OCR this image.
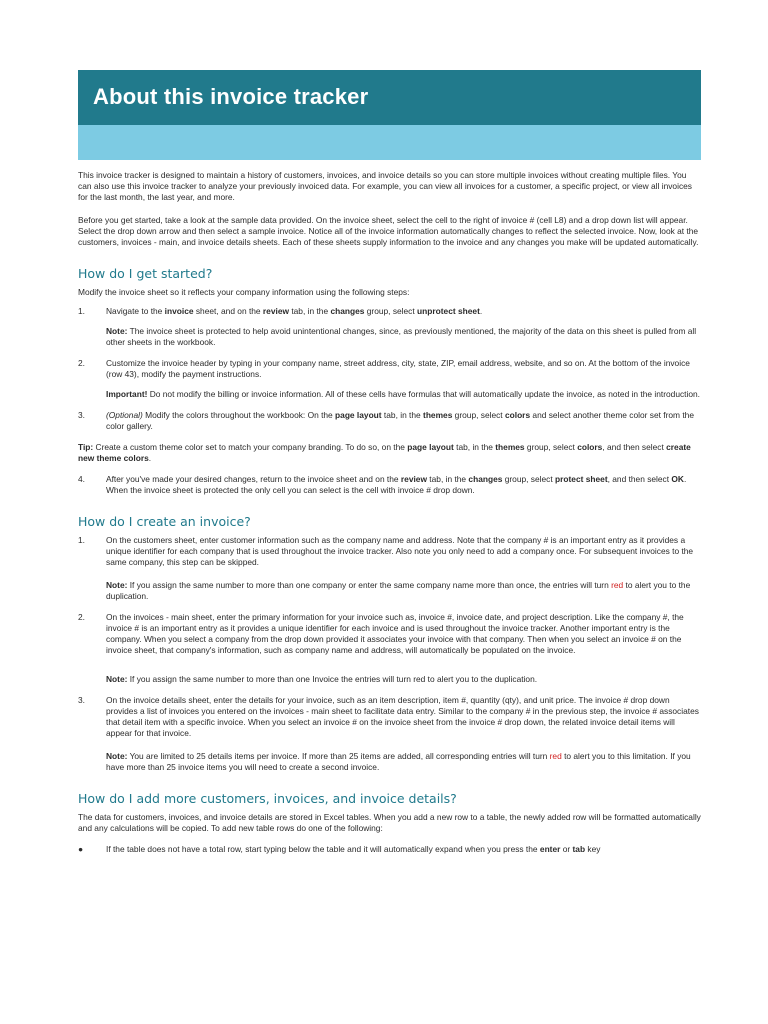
About this invoice tracker

This invoice tracker is designed to maintain a history of customers, invoices, and invoice details so you can store multiple invoices without creating multiple files. You can also use this invoice tracker to analyze your previously invoiced data. For example, you can view all invoices for a customer, a specific project, or view all invoices for the last month, the last year, and more.

Before you get started, take a look at the sample data provided. On the invoice sheet, select the cell to the right of invoice # (cell L8) and a drop down list will appear. Select the drop down arrow and then select a sample invoice. Notice all of the invoice information automatically changes to reflect the selected invoice. Now, look at the customers, invoices - main, and invoice details sheets. Each of these sheets supply information to the invoice and any changes you make will be updated automatically.

How do I get started?

Modify the invoice sheet so it reflects your company information using the following steps:

1.	Navigate to the invoice sheet, and on the review tab, in the changes group, select unprotect sheet.

Note: The invoice sheet is protected to help avoid unintentional changes, since, as previously mentioned, the majority of the data on this sheet is pulled from all other sheets in the workbook.

2.	Customize the invoice header by typing in your company name, street address, city, state, ZIP, email address, website, and so on. At the bottom of the invoice (row 43), modify the payment instructions.

Important! Do not modify the billing or invoice information. All of these cells have formulas that will automatically update the invoice, as noted in the introduction.

3.	(Optional) Modify the colors throughout the workbook: On the page layout tab, in the themes group, select colors and select another theme color set from the color gallery.

Tip: Create a custom theme color set to match your company branding. To do so, on the page layout tab, in the themes group, select colors, and then select create new theme colors.

4.	After you've made your desired changes, return to the invoice sheet and on the review tab, in the changes group, select protect sheet, and then select OK. When the invoice sheet is protected the only cell you can select is the cell with invoice # drop down.
How do I create an invoice?
1.	On the customers sheet, enter customer information such as the company name and address. Note that the company # is an important entry as it provides a unique identifier for each company that is used throughout the invoice tracker. Also note you only need to add a company once. For subsequent invoices to the same company, this step can be skipped.

Note: If you assign the same number to more than one company or enter the same company name more than once, the entries will turn red to alert you to the duplication.

2.	On the invoices - main sheet, enter the primary information for your invoice such as, invoice #, invoice date, and project description. Like the company #, the invoice # is an important entry as it provides a unique identifier for each invoice and is used throughout the invoice tracker. Another important entry is the company. When you select a company from the drop down provided it associates your invoice with that company. Then when you select an invoice # on the invoice sheet, that company's information, such as company name and address, will automatically be populated on the invoice.

Note: If you assign the same number to more than one Invoice the entries will turn red to alert you to the duplication.

3.	On the invoice details sheet, enter the details for your invoice, such as an item description, item #, quantity (qty), and unit price. The invoice # drop down provides a list of invoices you entered on the invoices - main sheet to facilitate data entry. Similar to the company # in the previous step, the invoice # associates that detail item with a specific invoice. When you select an invoice # on the invoice sheet from the invoice # drop down, the related invoice detail items will appear for that invoice.

Note: You are limited to 25 details items per invoice. If more than 25 items are added, all corresponding entries will turn red to alert you to this limitation. If you have more than 25 invoice items you will need to create a second invoice.

How do I add more customers, invoices, and invoice details?

The data for customers, invoices, and invoice details are stored in Excel tables. When you add a new row to a table, the newly added row will be formatted automatically and any calculations will be copied. To add new table rows do one of the following:

●	If the table does not have a total row, start typing below the table and it will automatically expand when you press the enter or tab key
